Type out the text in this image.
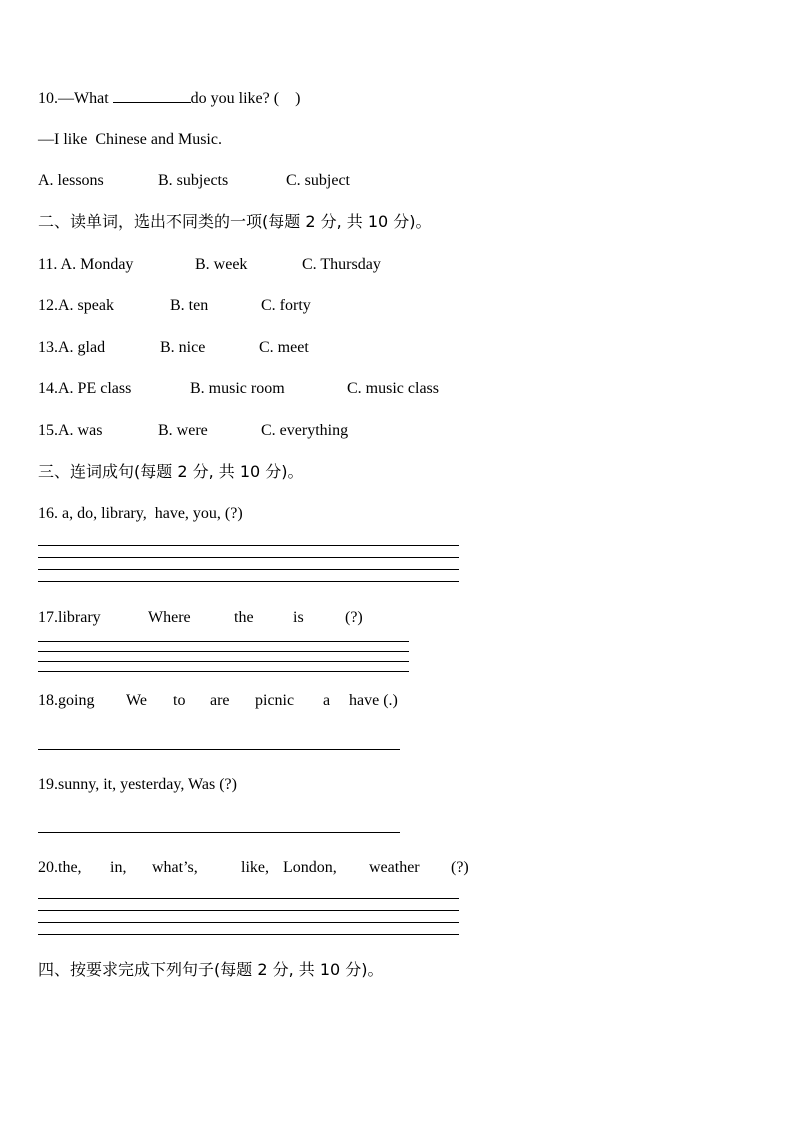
10.—What	do you like? (    )
—I like  Chinese and Music.
A. lessons	B. subjects	C. subject
二、读单词，选出不同类的一项(每题 2 分, 共 10 分)。
11. A. Monday	B. week	C. Thursday
12.A. speak	B. ten	C. forty
13.A. glad	B. nice	C. meet
14.A. PE class	B. music room	C. music class
15.A. was	B. were	C. everything
三、连词成句(每题 2 分, 共 10 分)。
16. a, do, library,  have, you, (?)
17.library	Where	the	is	(?)
18.going	We	to	are	picnic	a	have (.)
19.sunny, it, yesterday, Was (?)
20.the,	in,	what’s,	like, London,	weather	(?)
四、按要求完成下列句子(每题 2 分, 共 10 分)。
